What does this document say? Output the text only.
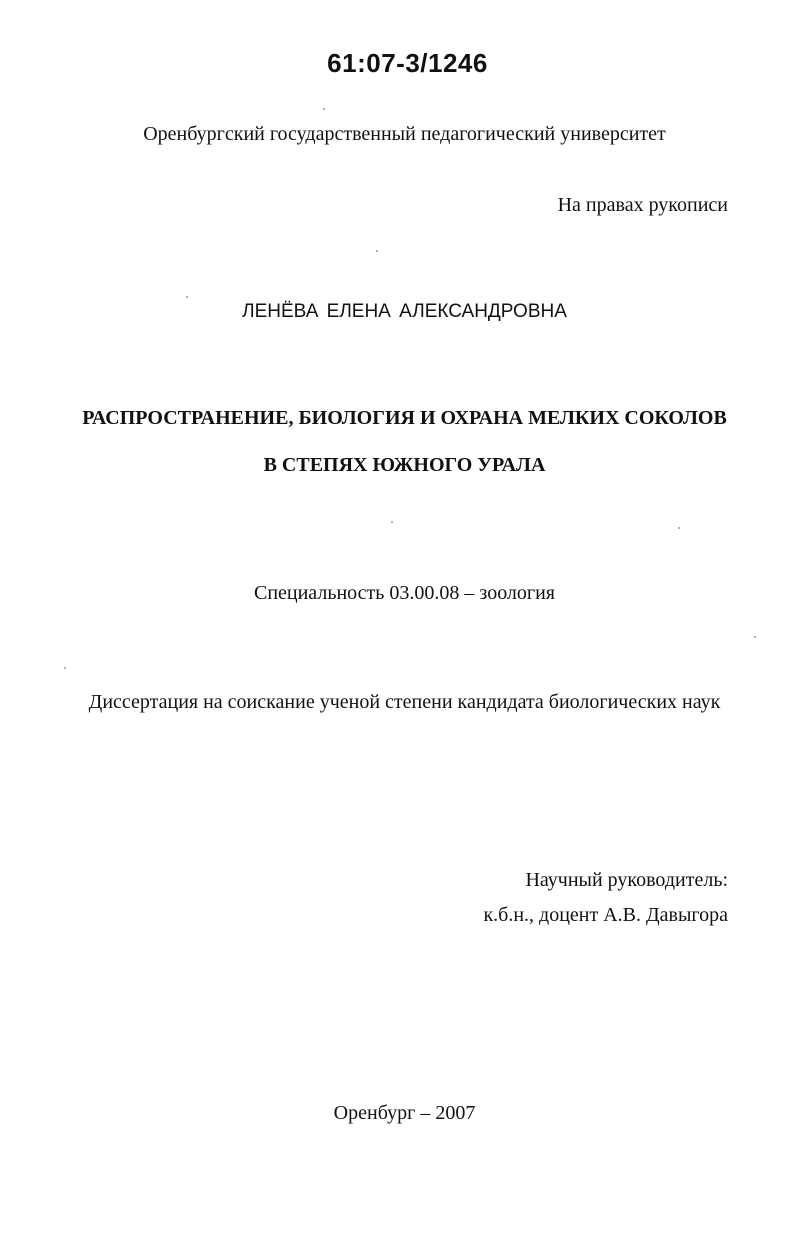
61:07-3/1246
Оренбургский государственный педагогический университет
На правах рукописи
ЛЕНЁВА ЕЛЕНА АЛЕКСАНДРОВНА
РАСПРОСТРАНЕНИЕ, БИОЛОГИЯ И ОХРАНА МЕЛКИХ СОКОЛОВ
В СТЕПЯХ ЮЖНОГО УРАЛА
Специальность 03.00.08 – зоология
Диссертация на соискание ученой степени кандидата биологических наук
Научный руководитель:
к.б.н., доцент А.В. Давыгора
Оренбург – 2007
